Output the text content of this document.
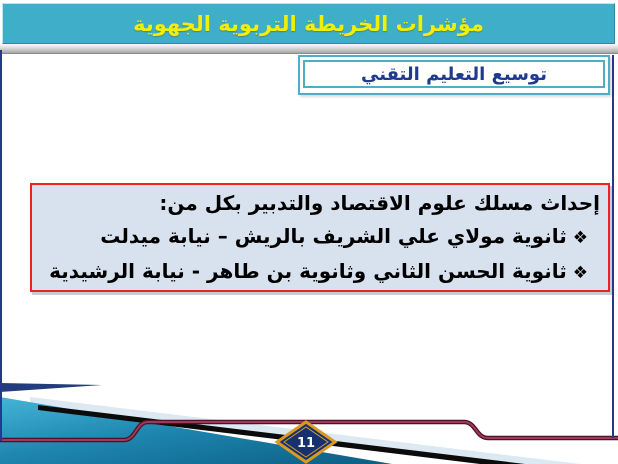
مؤشرات الخريطة التربوية الجهوية
توسيع التعليم التقني
إحداث مسلك علوم الاقتصاد والتدبير بكل من:
❖ثانوية مولاي علي الشريف بالريش – نيابة ميدلت
❖ثانوية الحسن الثاني وثانوية بن طاهر - نيابة الرشيدية
11
